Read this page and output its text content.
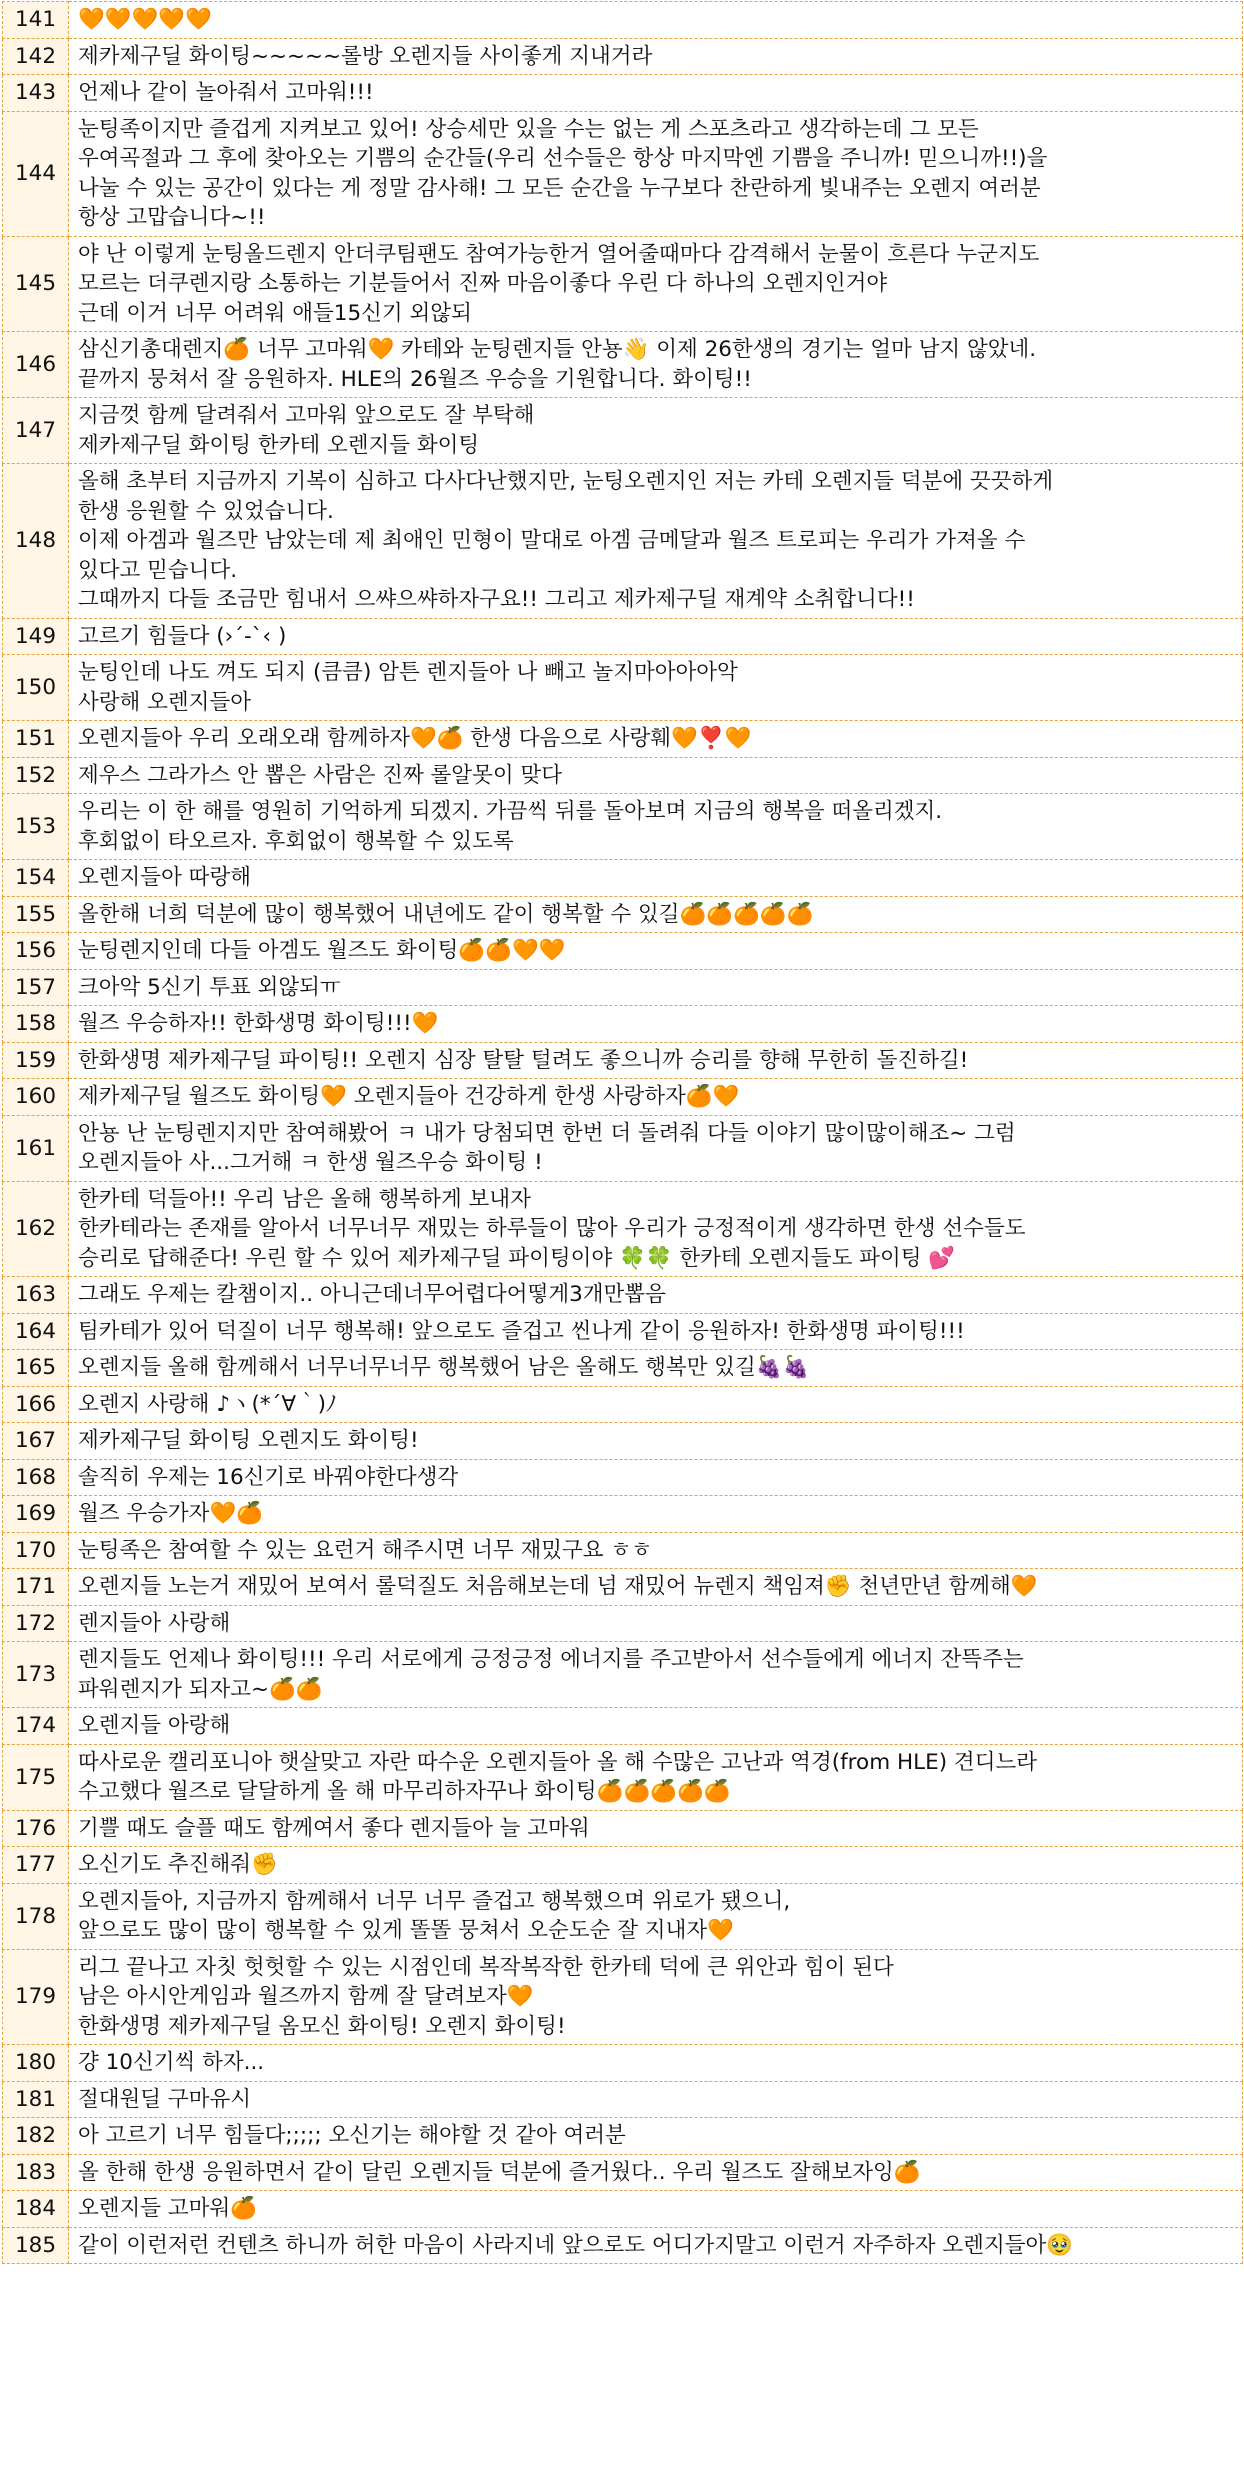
141	🧡🧡🧡🧡🧡
142	제카제구딜 화이팅~~~~~롤방 오렌지들 사이좋게 지내거라
143	언제나 같이 놀아줘서 고마워!!!
144	눈팅족이지만 즐겁게 지켜보고 있어! 상승세만 있을 수는 없는 게 스포츠라고 생각하는데 그 모든
우여곡절과 그 후에 찾아오는 기쁨의 순간들(우리 선수들은 항상 마지막엔 기쁨을 주니까! 믿으니까!!)을
나눌 수 있는 공간이 있다는 게 정말 감사해! 그 모든 순간을 누구보다 찬란하게 빛내주는 오렌지 여러분
항상 고맙습니다~!!
145	야 난 이렇게 눈팅올드렌지 안더쿠팀팬도 참여가능한거 열어줄때마다 감격해서 눈물이 흐른다 누군지도
모르는 더쿠렌지랑 소통하는 기분들어서 진짜 마음이좋다 우린 다 하나의 오렌지인거야
근데 이거 너무 어려워 애들15신기 외않되
146	삼신기총대렌지🍊 너무 고마워🧡 카테와 눈팅렌지들 안뇽👋 이제 26한생의 경기는 얼마 남지 않았네.
끝까지 뭉쳐서 잘 응원하자. HLE의 26월즈 우승을 기원합니다. 화이팅!!
147	지금껏 함께 달려줘서 고마워 앞으로도 잘 부탁해
제카제구딜 화이팅 한카테 오렌지들 화이팅
148	올해 초부터 지금까지 기복이 심하고 다사다난했지만, 눈팅오렌지인 저는 카테 오렌지들 덕분에 끗끗하게
한생 응원할 수 있었습니다.
이제 아겜과 월즈만 남았는데 제 최애인 민형이 말대로 아겜 금메달과 월즈 트로피는 우리가 가져올 수
있다고 믿습니다.
그때까지 다들 조금만 힘내서 으쌰으쌰하자구요!! 그리고 제카제구딜 재계약 소취합니다!!
149	고르기 힘들다 (›´-`‹ )
150	눈팅인데 나도 껴도 되지 (큼큼) 암튼 렌지들아 나 빼고 놀지마아아아악
사랑해 오렌지들아
151	오렌지들아 우리 오래오래 함께하자🧡🍊 한생 다음으로 사랑훼🧡❣️🧡
152	제우스 그라가스 안 뽑은 사람은 진짜 롤알못이 맞다
153	우리는 이 한 해를 영원히 기억하게 되겠지. 가끔씩 뒤를 돌아보며 지금의 행복을 떠올리겠지.
후회없이 타오르자. 후회없이 행복할 수 있도록
154	오렌지들아 따랑해
155	올한해 너희 덕분에 많이 행복했어 내년에도 같이 행복할 수 있길🍊🍊🍊🍊🍊
156	눈팅렌지인데 다들 아겜도 월즈도 화이팅🍊🍊🧡🧡
157	크아악 5신기 투표 외않되ㅠ
158	월즈 우승하자!! 한화생명 화이팅!!!🧡
159	한화생명 제카제구딜 파이팅!! 오렌지 심장 탈탈 털려도 좋으니까 승리를 향해 무한히 돌진하길!
160	제카제구딜 월즈도 화이팅🧡 오렌지들아 건강하게 한생 사랑하자🍊🧡
161	안뇽 난 눈팅렌지지만 참여해봤어 ㅋ 내가 당첨되면 한번 더 돌려줘 다들 이야기 많이많이해조~ 그럼
오렌지들아 사...그거해 ㅋ 한생 월즈우승 화이팅 !
162	한카테 덕들아!! 우리 남은 올해 행복하게 보내자
한카테라는 존재를 알아서 너무너무 재밌는 하루들이 많아 우리가 긍정적이게 생각하면 한생 선수들도
승리로 답해준다! 우린 할 수 있어 제카제구딜 파이팅이야 🍀🍀 한카테 오렌지들도 파이팅 💕
163	그래도 우제는 칼챔이지.. 아니근데너무어렵다어떻게3개만뽑음
164	팀카테가 있어 덕질이 너무 행복해! 앞으로도 즐겁고 씬나게 같이 응원하자! 한화생명 파이팅!!!
165	오렌지들 올해 함께해서 너무너무너무 행복했어 남은 올해도 행복만 있길🍇🍇
166	오렌지 사랑해 ♪ヽ(*´∀｀)ﾉ
167	제카제구딜 화이팅 오렌지도 화이팅!
168	솔직히 우제는 16신기로 바꿔야한다생각
169	월즈 우승가자🧡🍊
170	눈팅족은 참여할 수 있는 요런거 해주시면 너무 재밌구요 ㅎㅎ
171	오렌지들 노는거 재밌어 보여서 롤덕질도 처음해보는데 넘 재밌어 뉴렌지 책임져✊ 천년만년 함께해🧡
172	렌지들아 사랑해
173	렌지들도 언제나 화이팅!!! 우리 서로에게 긍정긍정 에너지를 주고받아서 선수들에게 에너지 잔뜩주는
파워렌지가 되자고~🍊🍊
174	오렌지들 아랑해
175	따사로운 캘리포니아 햇살맞고 자란 따수운 오렌지들아 올 해 수많은 고난과 역경(from HLE) 견디느라
수고했다 월즈로 달달하게 올 해 마무리하자꾸나 화이팅🍊🍊🍊🍊🍊
176	기쁠 때도 슬플 때도 함께여서 좋다 렌지들아 늘 고마워
177	오신기도 추진해줘✊
178	오렌지들아, 지금까지 함께해서 너무 너무 즐겁고 행복했으며 위로가 됐으니,
앞으로도 많이 많이 행복할 수 있게 똘똘 뭉쳐서 오순도순 잘 지내자🧡
179	리그 끝나고 자칫 헛헛할 수 있는 시점인데 복작복작한 한카테 덕에 큰 위안과 힘이 된다
남은 아시안게임과 월즈까지 함께 잘 달려보자🧡
한화생명 제카제구딜 옴모신 화이팅! 오렌지 화이팅!
180	걍 10신기씩 하자...
181	절대원딜 구마유시
182	아 고르기 너무 힘들다;;;;; 오신기는 해야할 것 같아 여러분
183	올 한해 한생 응원하면서 같이 달린 오렌지들 덕분에 즐거웠다.. 우리 월즈도 잘해보자잉🍊
184	오렌지들 고마워🍊
185	같이 이런저런 컨텐츠 하니까 허한 마음이 사라지네 앞으로도 어디가지말고 이런거 자주하자 오렌지들아🥹
